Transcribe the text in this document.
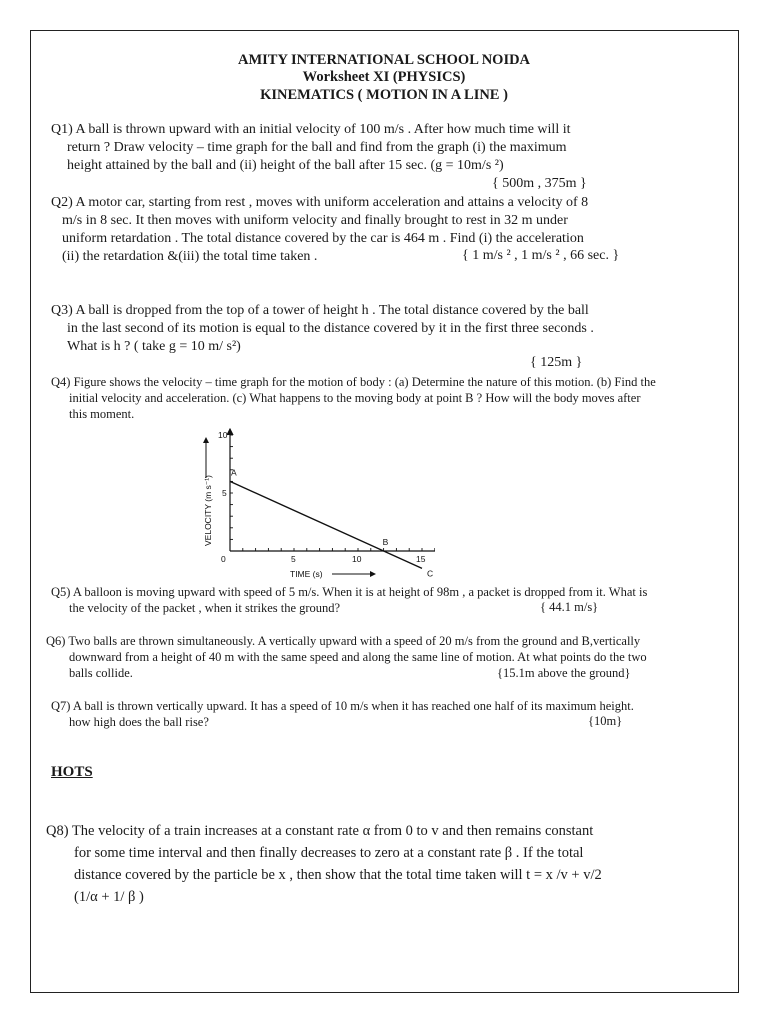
AMITY INTERNATIONAL SCHOOL NOIDA
Worksheet XI (PHYSICS)
KINEMATICS ( MOTION IN A LINE )
Q1) A ball is thrown upward with an initial velocity of 100 m/s . After how much time will it
return ? Draw velocity – time graph for the ball and find from the graph (i) the maximum
height attained by the ball and (ii) height of the ball after 15 sec. (g = 10m/s ²)
{ 500m , 375m }
Q2) A motor car, starting from rest , moves with uniform acceleration and attains a velocity of 8
m/s in 8 sec. It then moves with uniform velocity and finally brought to rest in 32 m under
uniform retardation . The total distance covered by the car is 464 m . Find (i) the acceleration
(ii) the retardation &(iii) the total time taken .	{ 1 m/s ² , 1 m/s ² , 66 sec. }
Q3) A ball is dropped from the top of a tower of height h . The total distance covered by the ball
in the last second of its motion is equal to the distance covered by it in the first three seconds .
What is h ? ( take g = 10 m/ s²)
{ 125m }
Q4) Figure shows the velocity – time graph for the motion of body : (a) Determine the nature of this motion. (b) Find the
initial velocity and acceleration. (c) What happens to the moving body at point B ? How will the body moves after
this moment.
0	5	10	15
5
10
A
B
C
TIME (s)
VELOCITY (m s⁻¹)
Q5) A balloon is moving upward with speed of 5 m/s. When it is at height of 98m , a packet is dropped from it. What is
the velocity of the packet , when it strikes the ground?	{ 44.1 m/s}
Q6) Two balls are thrown simultaneously. A vertically upward with a speed of 20 m/s from the ground and B,vertically
downward from a height of 40 m with the same speed and along the same line of motion. At what points do the two
balls collide.	{15.1m above the ground}
Q7) A ball is thrown vertically upward. It has a speed of 10 m/s when it has reached one half of its maximum height.
how high does the ball rise?	{10m}
HOTS
Q8) The velocity of a train increases at a constant rate α from 0 to v and then remains constant
for some time interval and then finally decreases to zero at a constant rate β . If the total
distance covered by the particle be x , then show that the total time taken will t = x /v + v/2
(1/α + 1/ β )
